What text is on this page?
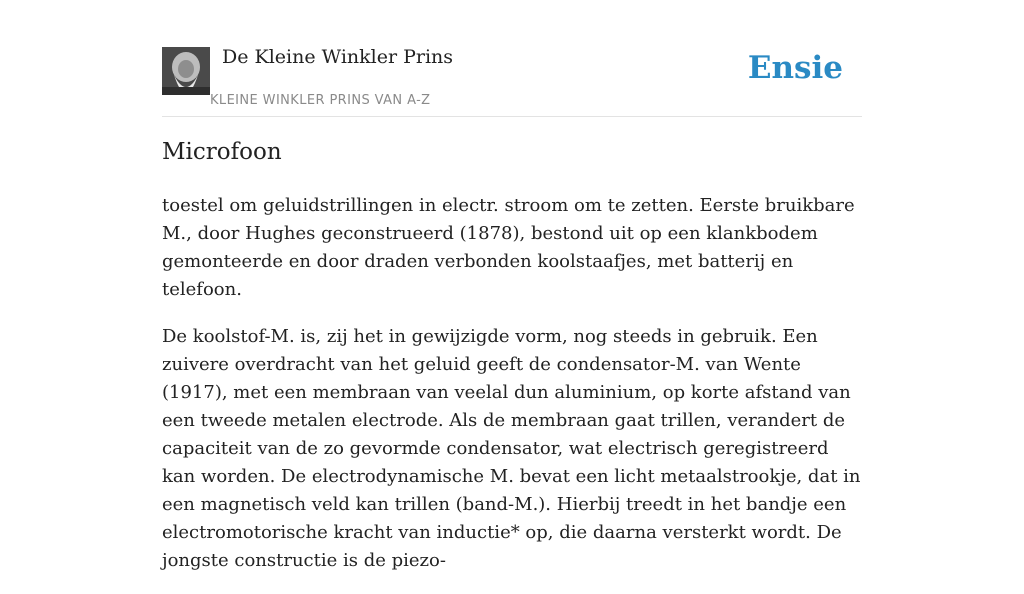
De Kleine Winkler Prins
KLEINE WINKLER PRINS VAN A-Z
Ensie
Microfoon

toestel om geluidstrillingen in electr. stroom om te zetten. Eerste bruikbare M., door Hughes geconstrueerd (1878), bestond uit op een klankbodem gemonteerde en door draden verbonden koolstaafjes, met batterij en telefoon.

De koolstof-M. is, zij het in gewijzigde vorm, nog steeds in gebruik. Een zuivere overdracht van het geluid geeft de condensator-M. van Wente (1917), met een membraan van veelal dun aluminium, op korte afstand van een tweede metalen electrode. Als de membraan gaat trillen, verandert de capaciteit van de zo gevormde condensator, wat electrisch geregistreerd kan worden. De electrodynamische M. bevat een licht metaalstrookje, dat in een magnetisch veld kan trillen (band-M.). Hierbij treedt in het bandje een electromotorische kracht van inductie* op, die daarna versterkt wordt. De jongste constructie is de piezo-
